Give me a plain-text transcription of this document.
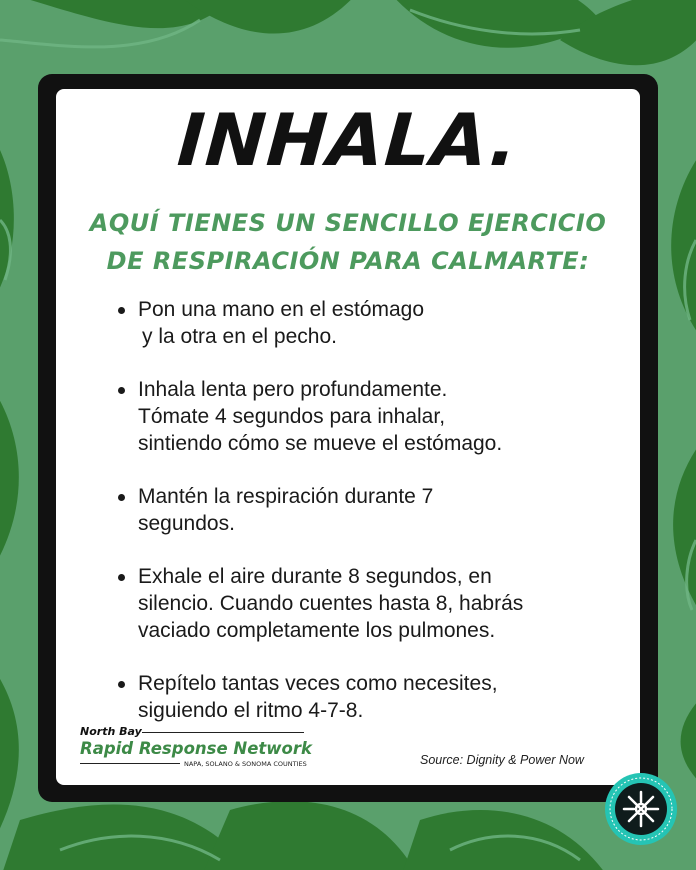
INHALA.
AQUÍ TIENES UN SENCILLO EJERCICIO
DE RESPIRACIÓN PARA CALMARTE:
Pon una mano en el estómago
y la otra en el pecho.
Inhala lenta pero profundamente.
Tómate 4 segundos para inhalar,
sintiendo cómo se mueve el estómago.
Mantén la respiración durante 7
segundos.
Exhale el aire durante 8 segundos, en
silencio. Cuando cuentes hasta 8, habrás
vaciado completamente los pulmones.
Repítelo tantas veces como necesites,
siguiendo el ritmo 4-7-8.
North Bay
Rapid Response Network
NAPA, SOLANO & SONOMA COUNTIES	Source: Dignity & Power Now
